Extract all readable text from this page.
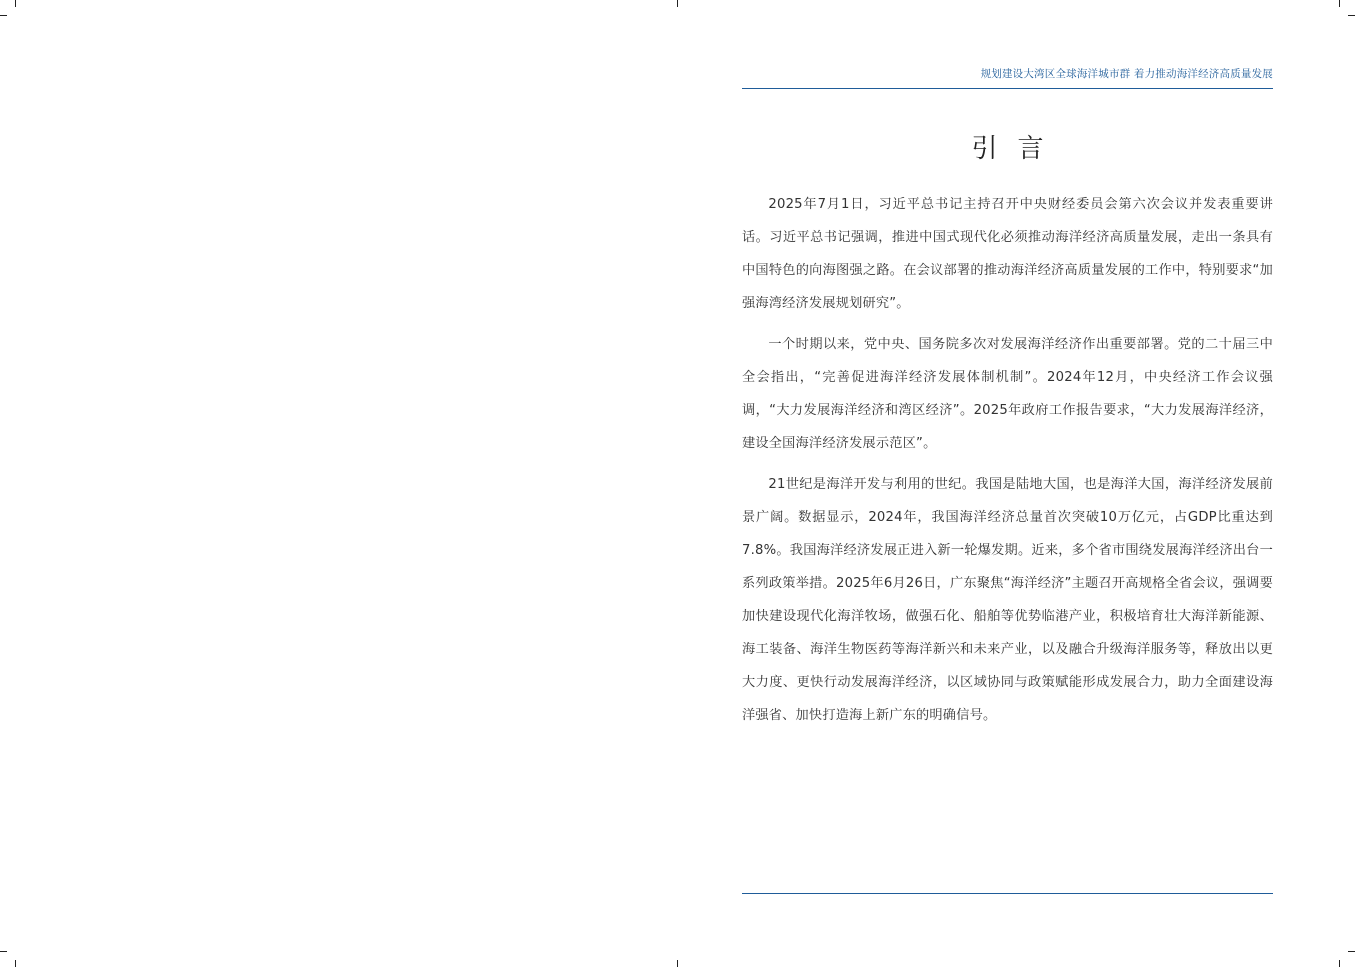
规划建设大湾区全球海洋城市群 着力推动海洋经济高质量发展
引言

2025年7月1日，习近平总书记主持召开中央财经委员会第六次会议并发表重要讲话。习近平总书记强调，推进中国式现代化必须推动海洋经济高质量发展，走出一条具有中国特色的向海图强之路。在会议部署的推动海洋经济高质量发展的工作中，特别要求“加强海湾经济发展规划研究”。

一个时期以来，党中央、国务院多次对发展海洋经济作出重要部署。党的二十届三中全会指出，“完善促进海洋经济发展体制机制”。2024年12月，中央经济工作会议强调，“大力发展海洋经济和湾区经济”。2025年政府工作报告要求，“大力发展海洋经济，建设全国海洋经济发展示范区”。

21世纪是海洋开发与利用的世纪。我国是陆地大国，也是海洋大国，海洋经济发展前景广阔。数据显示，2024年，我国海洋经济总量首次突破10万亿元，占GDP比重达到7.8%。我国海洋经济发展正进入新一轮爆发期。近来，多个省市围绕发展海洋经济出台一系列政策举措。2025年6月26日，广东聚焦“海洋经济”主题召开高规格全省会议，强调要加快建设现代化海洋牧场，做强石化、船舶等优势临港产业，积极培育壮大海洋新能源、海工装备、海洋生物医药等海洋新兴和未来产业，以及融合升级海洋服务等，释放出以更大力度、更快行动发展海洋经济，以区域协同与政策赋能形成发展合力，助力全面建设海洋强省、加快打造海上新广东的明确信号。
